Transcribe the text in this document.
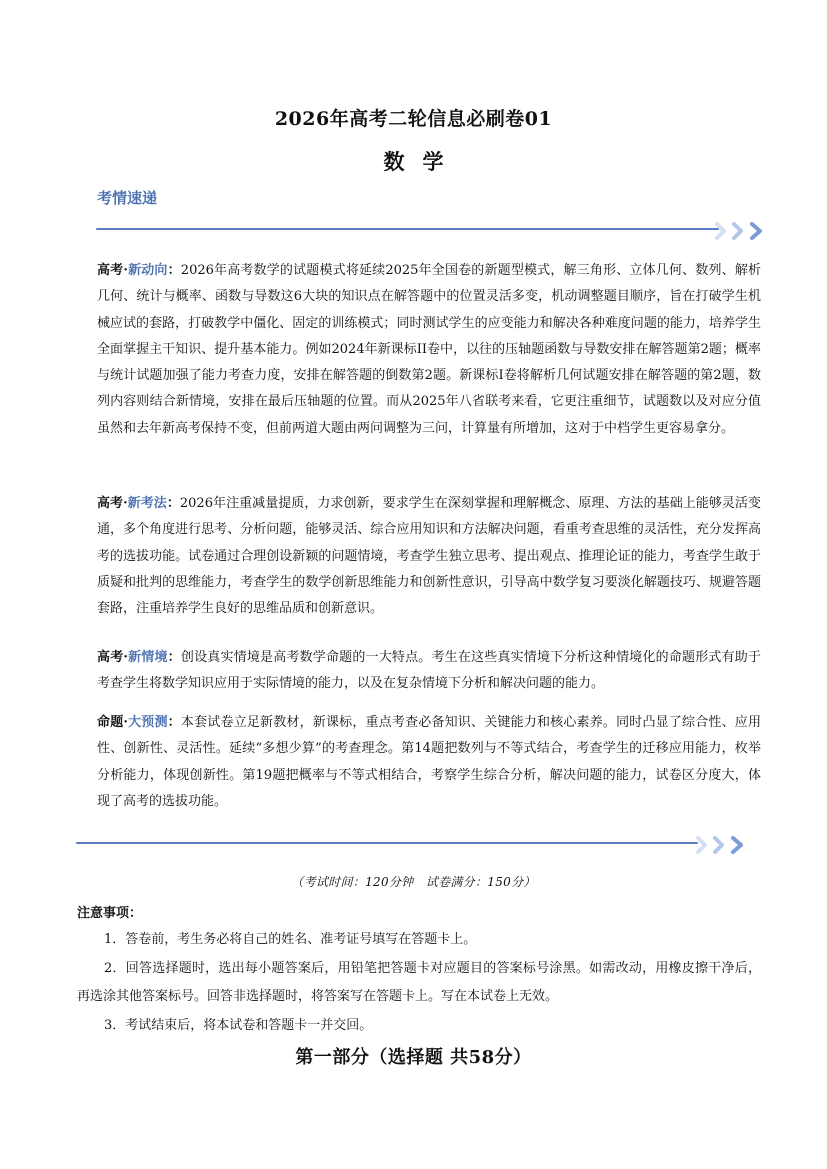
2026年高考二轮信息必刷卷01
数学
考情速递
高考·新动向：2026年高考数学的试题模式将延续2025年全国卷的新题型模式，解三角形、立体几何、数列、解析几何、统计与概率、函数与导数这6大块的知识点在解答题中的位置灵活多变，机动调整题目顺序，旨在打破学生机械应试的套路，打破教学中僵化、固定的训练模式；同时测试学生的应变能力和解决各种难度问题的能力，培养学生全面掌握主干知识、提升基本能力。例如2024年新课标II卷中，以往的压轴题函数与导数安排在解答题第2题；概率与统计试题加强了能力考查力度，安排在解答题的倒数第2题。新课标I卷将解析几何试题安排在解答题的第2题，数列内容则结合新情境，安排在最后压轴题的位置。而从2025年八省联考来看，它更注重细节，试题数以及对应分值虽然和去年新高考保持不变，但前两道大题由两问调整为三问，计算量有所增加，这对于中档学生更容易拿分。
高考·新考法：2026年注重减量提质，力求创新，要求学生在深刻掌握和理解概念、原理、方法的基础上能够灵活变通，多个角度进行思考、分析问题，能够灵活、综合应用知识和方法解决问题，看重考查思维的灵活性，充分发挥高考的选拔功能。试卷通过合理创设新颖的问题情境，考查学生独立思考、提出观点、推理论证的能力，考查学生敢于质疑和批判的思维能力，考查学生的数学创新思维能力和创新性意识，引导高中数学复习要淡化解题技巧、规避答题套路，注重培养学生良好的思维品质和创新意识。
高考·新情境：创设真实情境是高考数学命题的一大特点。考生在这些真实情境下分析这种情境化的命题形式有助于考查学生将数学知识应用于实际情境的能力，以及在复杂情境下分析和解决问题的能力。
命题·大预测：本套试卷立足新教材，新课标，重点考查必备知识、关键能力和核心素养。同时凸显了综合性、应用性、创新性、灵活性。延续“多想少算”的考查理念。第14题把数列与不等式结合，考查学生的迁移应用能力，枚举分析能力，体现创新性。第19题把概率与不等式相结合，考察学生综合分析，解决问题的能力，试卷区分度大，体现了高考的选拔功能。
（考试时间：120分钟　试卷满分：150分）
注意事项：
1．答卷前，考生务必将自己的姓名、准考证号填写在答题卡上。
2．回答选择题时，选出每小题答案后，用铅笔把答题卡对应题目的答案标号涂黑。如需改动，用橡皮擦干净后，再选涂其他答案标号。回答非选择题时，将答案写在答题卡上。写在本试卷上无效。
3．考试结束后，将本试卷和答题卡一并交回。
第一部分（选择题 共58分）
